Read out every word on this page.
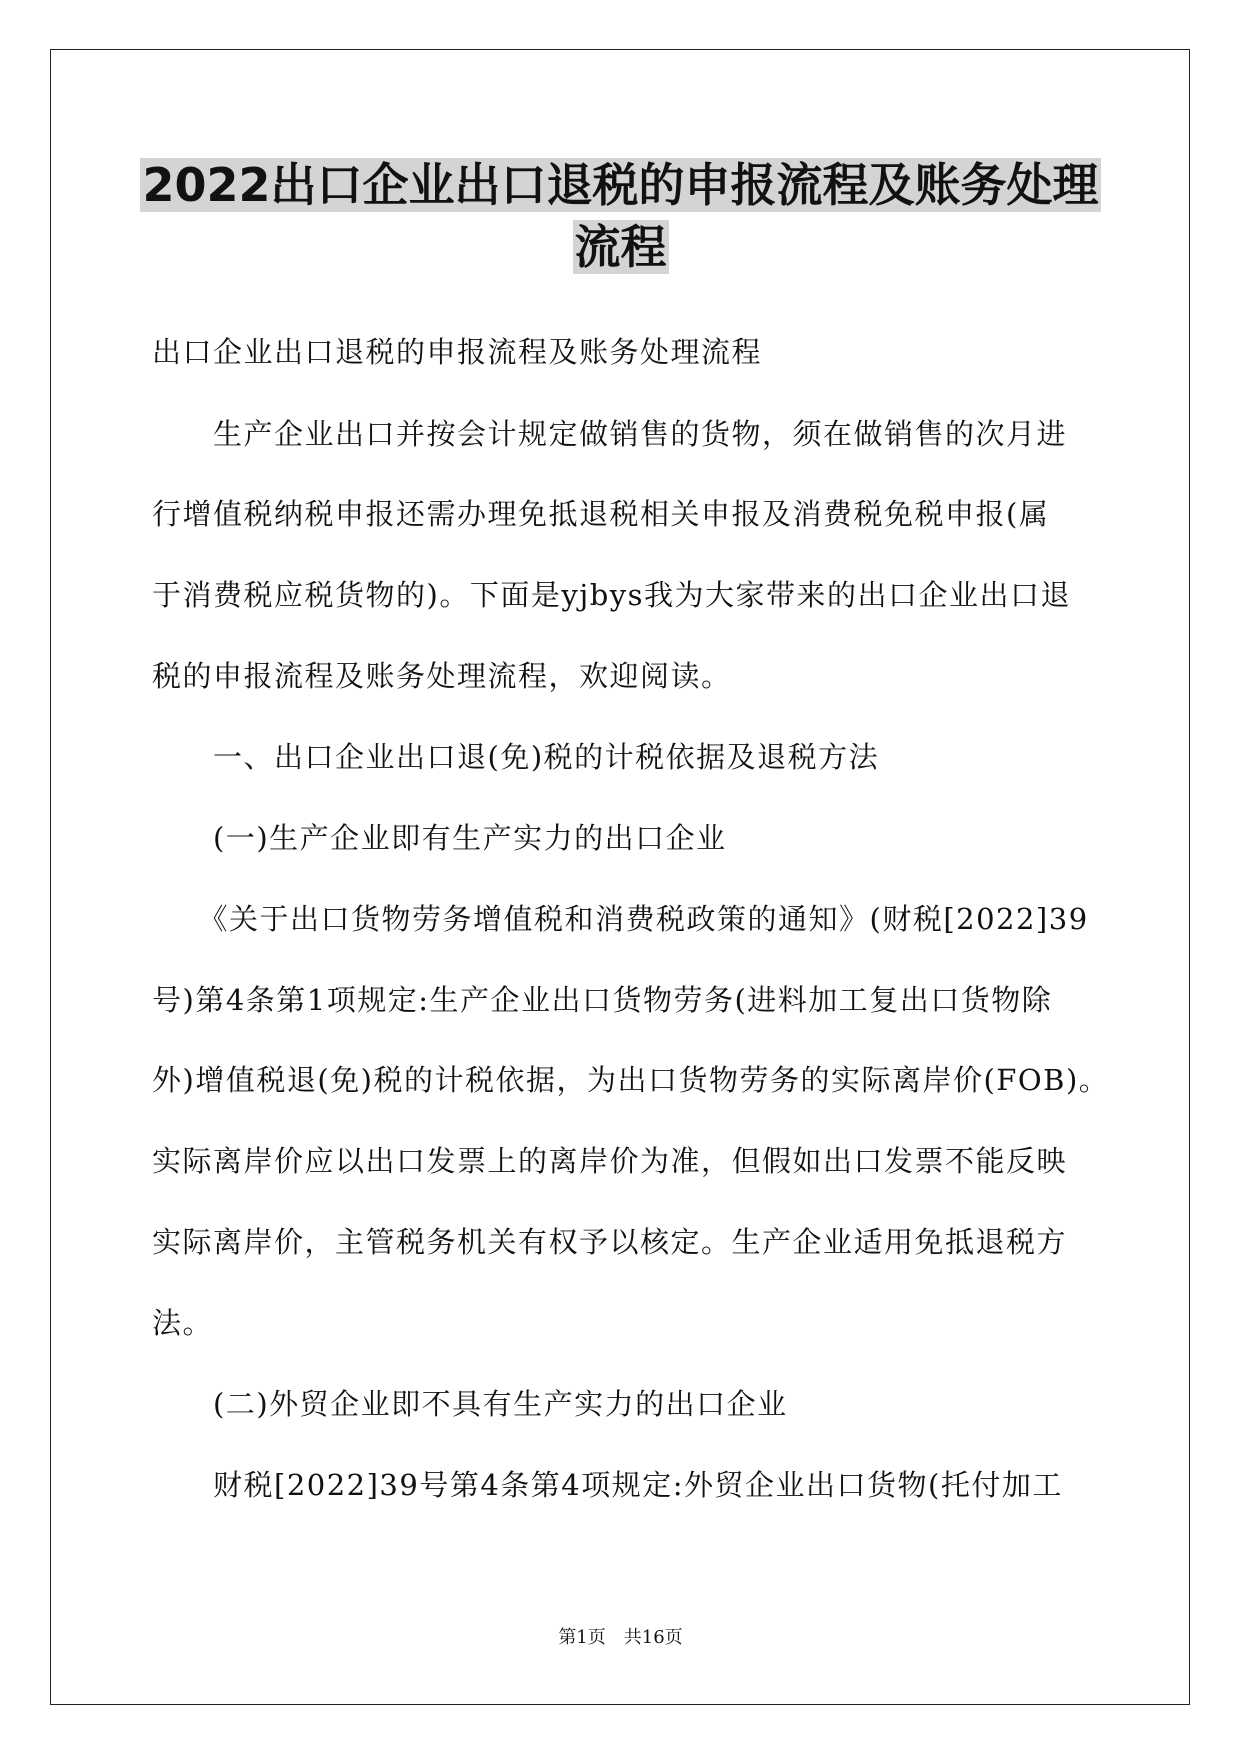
2022出口企业出口退税的申报流程及账务处理
流程
出口企业出口退税的申报流程及账务处理流程
　　生产企业出口并按会计规定做销售的货物，须在做销售的次月进
行增值税纳税申报还需办理免抵退税相关申报及消费税免税申报(属
于消费税应税货物的)。下面是yjbys我为大家带来的出口企业出口退
税的申报流程及账务处理流程，欢迎阅读。
　　一、出口企业出口退(免)税的计税依据及退税方法
　　(一)生产企业即有生产实力的出口企业
　　《关于出口货物劳务增值税和消费税政策的通知》(财税[2022]39
号)第4条第1项规定:生产企业出口货物劳务(进料加工复出口货物除
外)增值税退(免)税的计税依据，为出口货物劳务的实际离岸价(FOB)。
实际离岸价应以出口发票上的离岸价为准，但假如出口发票不能反映
实际离岸价，主管税务机关有权予以核定。生产企业适用免抵退税方
法。
　　(二)外贸企业即不具有生产实力的出口企业
　　财税[2022]39号第4条第4项规定:外贸企业出口货物(托付加工
第1页　共16页
